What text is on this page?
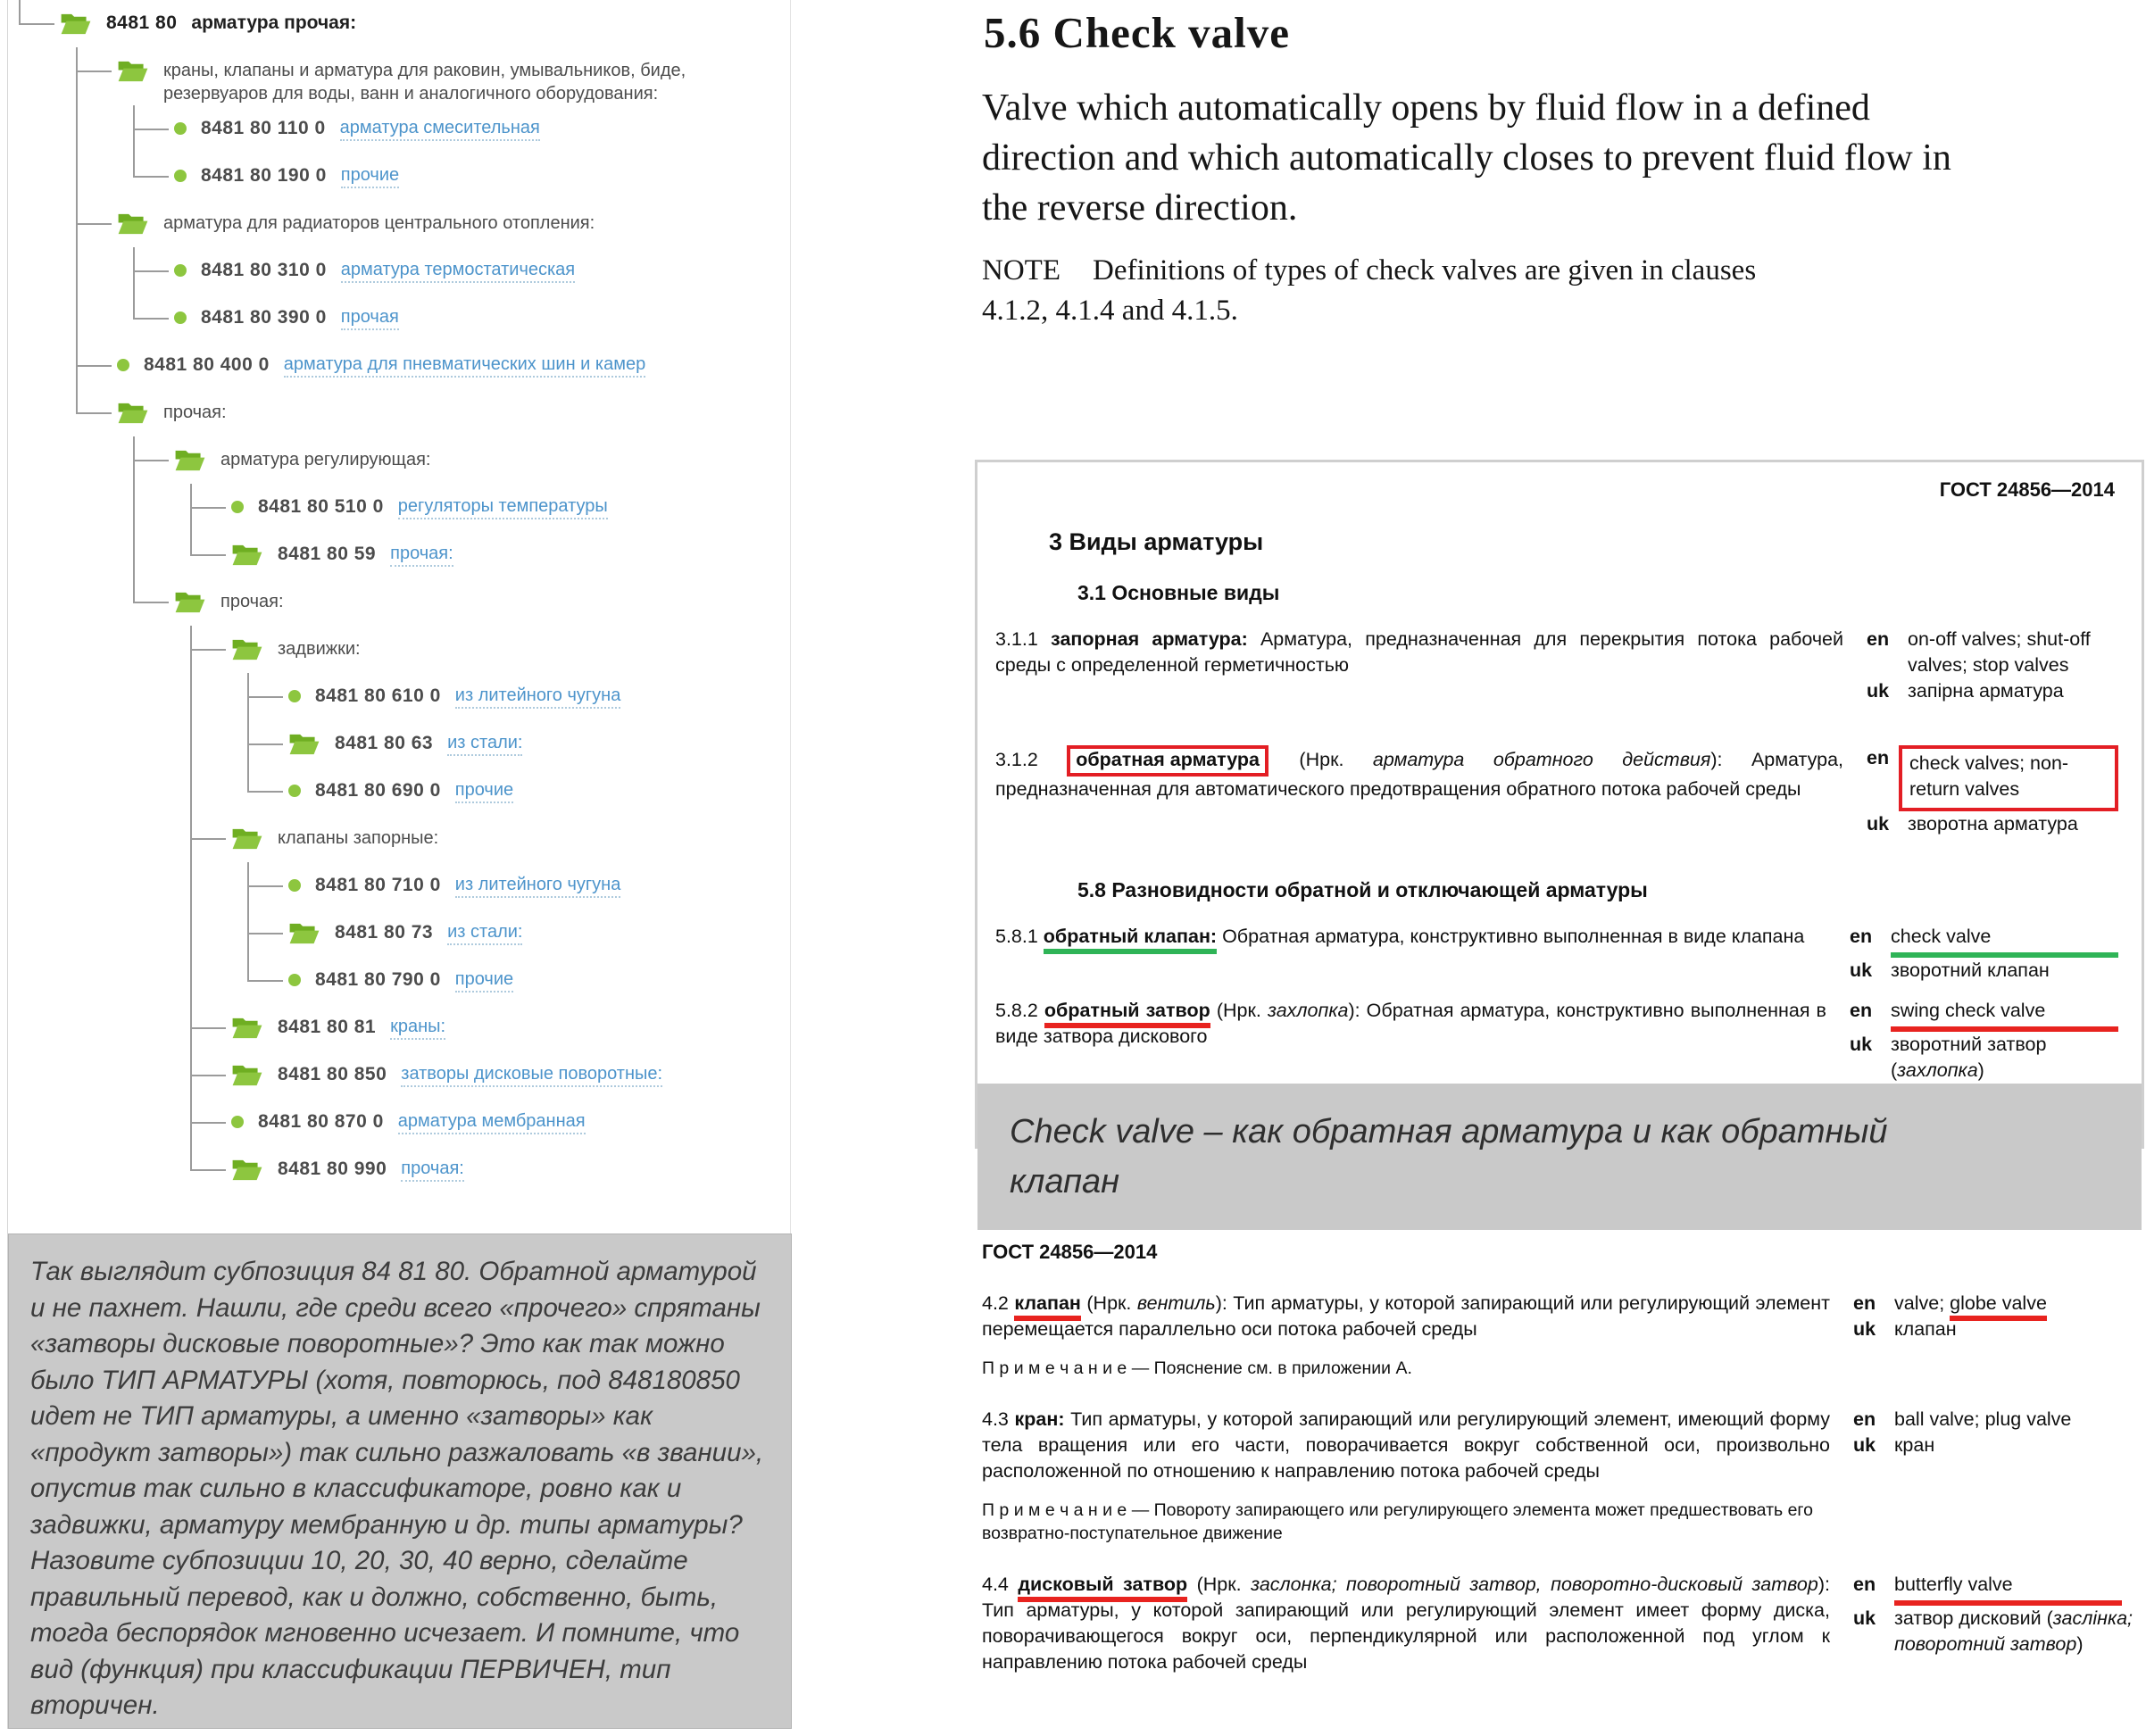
8481 80 арматура прочая:
краны, клапаны и арматура для раковин, умывальников, биде, резервуаров для воды, ванн и аналогичного оборудования:
8481 80 110 0 арматура смесительная
8481 80 190 0 прочие
арматура для радиаторов центрального отопления:
8481 80 310 0 арматура термостатическая
8481 80 390 0 прочая
8481 80 400 0 арматура для пневматических шин и камер
прочая:
арматура регулирующая:
8481 80 510 0 регуляторы температуры
8481 80 59 прочая:
прочая:
задвижки:
8481 80 610 0 из литейного чугуна
8481 80 63 из стали:
8481 80 690 0 прочие
клапаны запорные:
8481 80 710 0 из литейного чугуна
8481 80 73 из стали:
8481 80 790 0 прочие
8481 80 81 краны:
8481 80 850 затворы дисковые поворотные:
8481 80 870 0 арматура мембранная
8481 80 990 прочая:
Так выглядит субпозиция 84 81 80. Обратной арматурой и не пахнет. Нашли, где среди всего «прочего» спрятаны «затворы дисковые поворотные»? Это как так можно было ТИП АРМАТУРЫ (хотя, повторюсь, под 848180850 идет не ТИП арматуры, а именно «затворы» как «продукт затворы») так сильно разжаловать «в звании», опустив так сильно в классификаторе, ровно как и задвижки, арматуру мембранную и др. типы арматуры? Назовите субпозиции 10, 20, 30, 40 верно, сделайте правильный перевод, как и должно, собственно, быть, тогда беспорядок мгновенно исчезает. И помните, что вид (функция) при классификации ПЕРВИЧЕН, тип вторичен.
5.6 Check valve
Valve which automatically opens by fluid flow in a defined direction and which automatically closes to prevent fluid flow in the reverse direction.
NOTE Definitions of types of check valves are given in clauses 4.1.2, 4.1.4 and 4.1.5.
ГОСТ 24856—2014
3 Виды арматуры
3.1 Основные виды
3.1.1 запорная арматура: Арматура, предназначенная для перекрытия потока рабочей среды с определенной герметичностью
en on-off valves; shut-off valves; stop valves
uk запірна арматура
3.1.2 обратная арматура (Нрк. арматура обратного действия): Арматура, предназначенная для автоматического предотвращения обратного потока рабочей среды
en	check valves; non-return valves
uk зворотна арматура
5.8 Разновидности обратной и отключающей арматуры
5.8.1 обратный клапан: Обратная арматура, конструктивно выполненная в виде клапана	en check valve
uk зворотний клапан
5.8.2 обратный затвор (Нрк. захлопка): Обратная арматура, конструктивно выполненная в виде затвора дискового
en swing check valve
uk зворотний затвор (захлопка)
Check valve – как обратная арматура и как обратный клапан
ГОСТ 24856—2014
4.2 клапан (Нрк. вентиль): Тип арматуры, у которой запирающий или регулирующий элемент перемещается параллельно оси потока рабочей среды
en valve; globe valve
uk клапан
П р и м е ч а н и е — Пояснение см. в приложении А.
4.3 кран: Тип арматуры, у которой запирающий или регулирующий элемент, имеющий форму тела вращения или его части, поворачивается вокруг собственной оси, произвольно расположенной по отношению к направлению потока рабочей среды
en ball valve; plug valve
uk кран
П р и м е ч а н и е — Повороту запирающего или регулирующего элемента может предшествовать его возвратно-поступательное движение
4.4 дисковый затвор (Нрк. заслонка; поворотный затвор, поворотно-дисковый затвор): Тип арматуры, у которой запирающий или регулирующий элемент имеет форму диска, поворачивающегося вокруг оси, перпендикулярной или расположенной под углом к направлению потока рабочей среды
en butterfly valve
uk затвор дисковий (заслінка; поворотний затвор)
